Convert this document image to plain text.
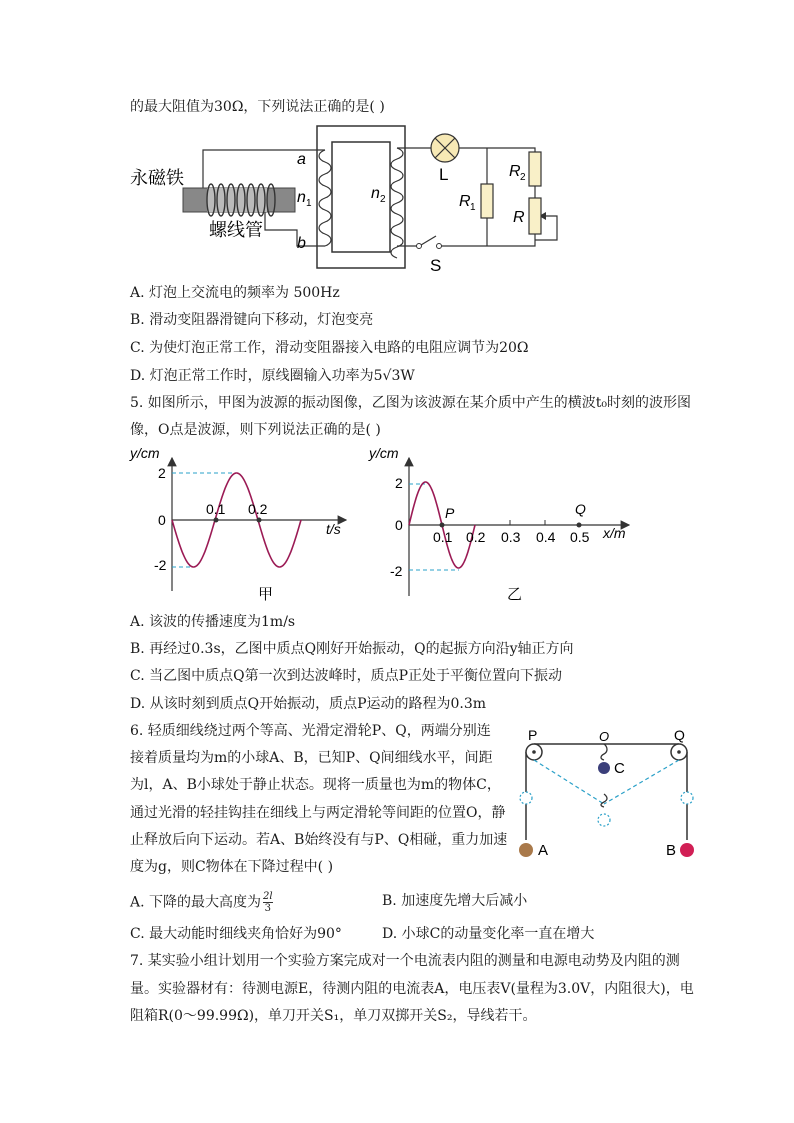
的最大阻值为30Ω，下列说法正确的是( )
永磁铁
螺线管
a
b
n 1
n 2
L
R 1
R 2
R
S
A. 灯泡上交流电的频率为 500Hz
B. 滑动变阻器滑键向下移动，灯泡变亮
C. 为使灯泡正常工作，滑动变阻器接入电路的电阻应调节为20Ω
D. 灯泡正常工作时，原线圈输入功率为5√3W
5. 如图所示，甲图为波源的振动图像，乙图为该波源在某介质中产生的横波t₀时刻的波形图
像，O点是波源，则下列说法正确的是( )
y/cm
2
0
-2
0.1 0.2
t/s
甲
y/cm
2
0
-2
P	Q
0.1 0.2 0.3 0.4 0.5 x/m
乙
A. 该波的传播速度为1m/s
B. 再经过0.3s，乙图中质点Q刚好开始振动，Q的起振方向沿y轴正方向
C. 当乙图中质点Q第一次到达波峰时，质点P正处于平衡位置向下振动
D. 从该时刻到质点Q开始振动，质点P运动的路程为0.3m
6. 轻质细线绕过两个等高、光滑定滑轮P、Q，两端分别连
接着质量均为m的小球A、B，已知P、Q间细线水平，间距
为l，A、B小球处于静止状态。现将一质量也为m的物体C，
通过光滑的轻挂钩挂在细线上与两定滑轮等间距的位置O，静
止释放后向下运动。若A、B始终没有与P、Q相碰，重力加速
度为g，则C物体在下降过程中( )
P	Q
O
C
A	B
A. 下降的最大高度为 $\frac{2l}{3}$	B. 加速度先增大后减小
C. 最大动能时细线夹角恰好为90°	D. 小球C的动量变化率一直在增大
7. 某实验小组计划用一个实验方案完成对一个电流表内阻的测量和电源电动势及内阻的测
量。实验器材有：待测电源E，待测内阻的电流表A，电压表V(量程为3.0V，内阻很大)，电
阻箱R(0～99.99Ω)，单刀开关S₁，单刀双掷开关S₂，导线若干。
